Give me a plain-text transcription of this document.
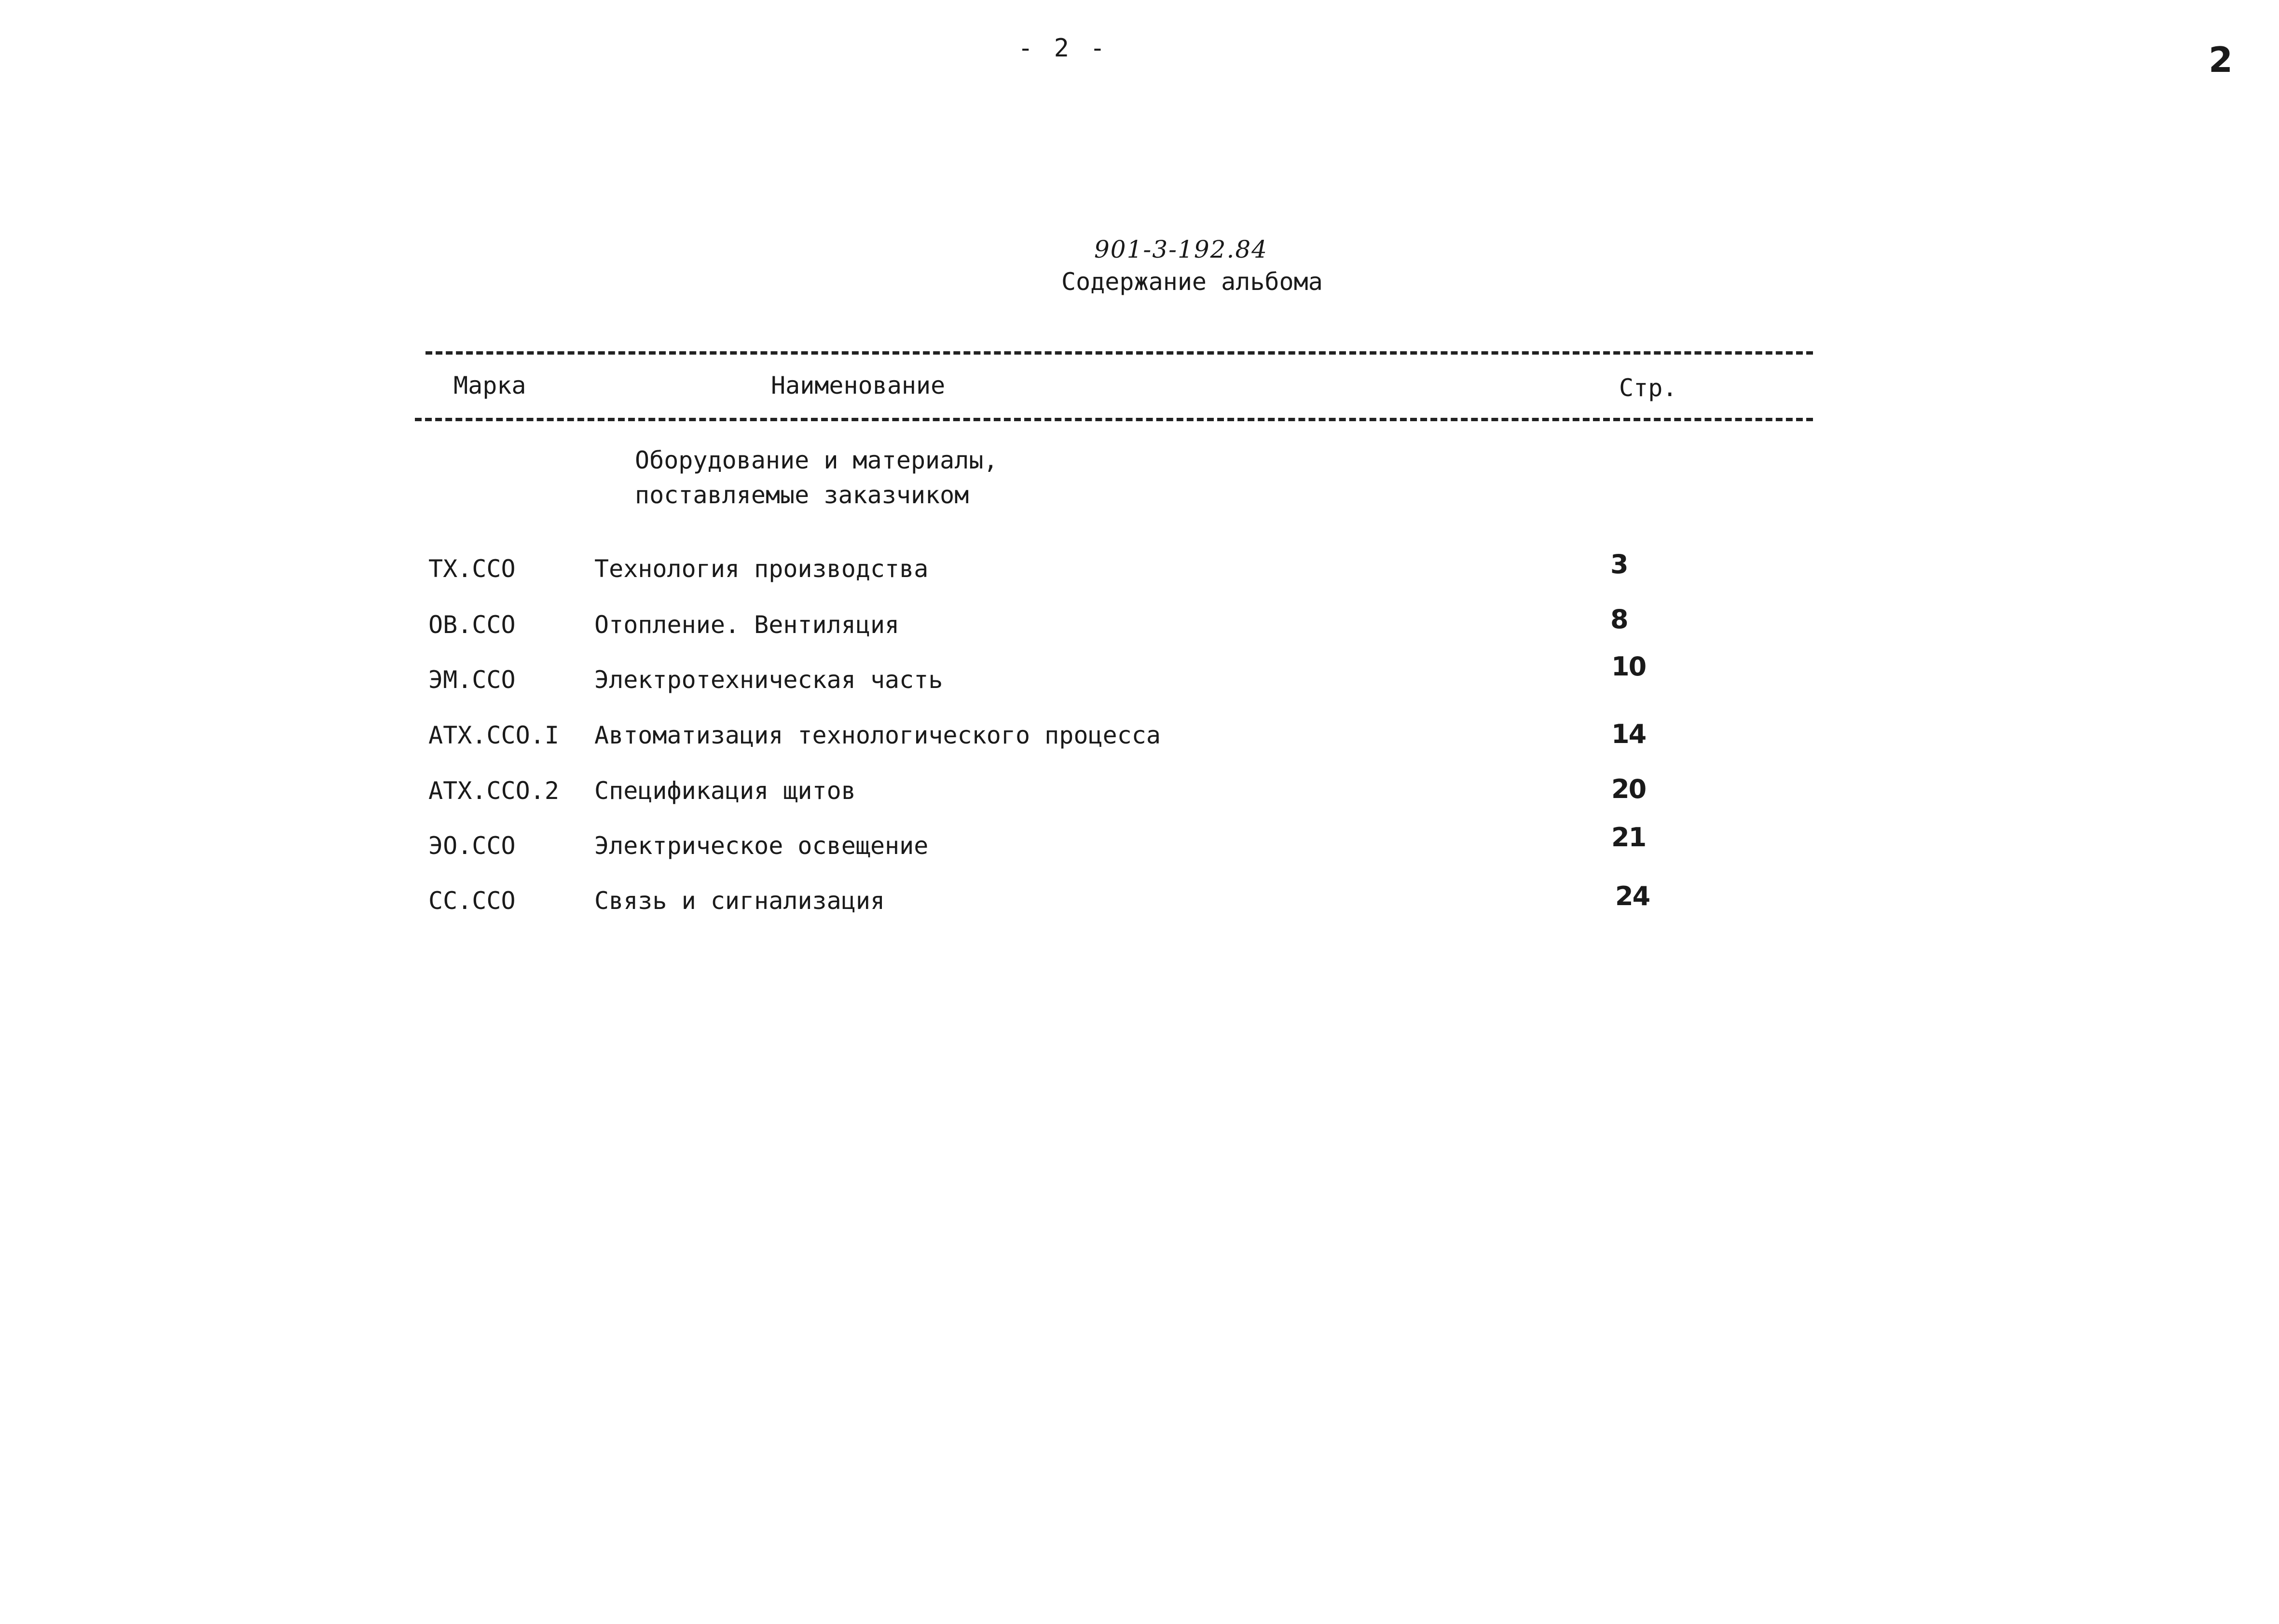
- 2 -	2
901-3-192.84
Содержание альбома
Марка	Наименование	Стр.
Оборудование и материалы,
поставляемые заказчиком
ТХ.ССО	Технология производства	3
ОВ.ССО	Отопление. Вентиляция	8
ЭМ.ССО	Электротехническая часть	10
АТХ.ССО.I Автоматизация технологического процесса	14
АТХ.ССО.2 Спецификация щитов	20
ЭО.ССО	Электрическое освещение	21
СС.ССО	Связь и сигнализация	24
